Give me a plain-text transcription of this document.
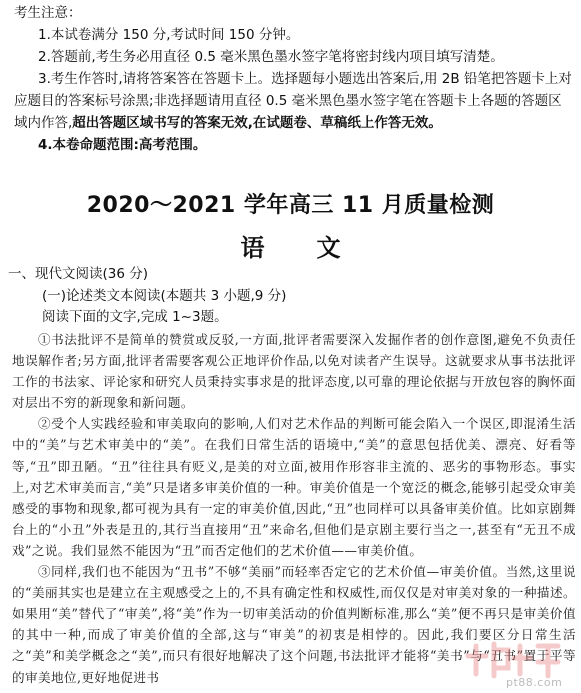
考生注意：

1.本试卷满分 150 分,考试时间 150 分钟。

2.答题前,考生务必用直径 0.5 毫米黑色墨水签字笔将密封线内项目填写清楚。

3.考生作答时,请将答案答在答题卡上。选择题每小题选出答案后,用 2B 铅笔把答题卡上对应题目的答案标号涂黑;非选择题请用直径 0.5 毫米黑色墨水签字笔在答题卡上各题的答题区域内作答,超出答题区域书写的答案无效,在试题卷、草稿纸上作答无效。

4.本卷命题范围:高考范围。

2020～2021 学年高三 11 月质量检测
语文
一、现代文阅读(36 分)
(一)论述类文本阅读(本题共 3 小题,9 分)
阅读下面的文字,完成 1~3题。

①书法批评不是简单的赞赏或反驳,一方面,批评者需要深入发掘作者的创作意图,避免不负责任地误解作者;另方面,批评者需要客观公正地评价作品,以免对读者产生误导。这就要求从事书法批评工作的书法家、评论家和研究人员秉持实事求是的批评态度,以可靠的理论依据与开放包容的胸怀面对层出不穷的新现象和新问题。

②受个人实践经验和审美取向的影响,人们对艺术作品的判断可能会陷入一个误区,即混淆生活中的“美”与艺术审美中的“美”。在我们日常生活的语境中,“美”的意思包括优美、漂亮、好看等等,“丑”即丑陋。“丑”往往具有贬义,是美的对立面,被用作形容非主流的、恶劣的事物形态。事实上,对艺术审美而言,“美”只是诸多审美价值的一种。审美价值是一个宽泛的概念,能够引起受众审美感受的事物和现象,都可视为具有一定的审美价值,因此,“丑”也同样可以具备审美价值。比如京剧舞台上的“小丑”外表是丑的,其行当直接用“丑”来命名,但他们是京剧主要行当之一,甚至有“无丑不成戏”之说。我们显然不能因为“丑”而否定他们的艺术价值——审美价值。

③同样,我们也不能因为“丑书”不够“美丽”而轻率否定它的艺术价值—审美价值。当然,这里说的“美丽其实也是建立在主观感受之上的,不具有确定性和权威性,而仅仅是对审美对象的一种描述。如果用“美”替代了“审美”,将“美”作为一切审美活动的价值判断标准,那么“美”便不再只是审美价值的其中一种,而成了审美价值的全部,这与“审美”的初衷是相悖的。因此,我们要区分日常生活之“美”和美学概念之“美”,而只有很好地解决了这个问题,书法批评才能将“美书”与“丑书”置于平等的审美地位,更好地促进书	pt88.com
